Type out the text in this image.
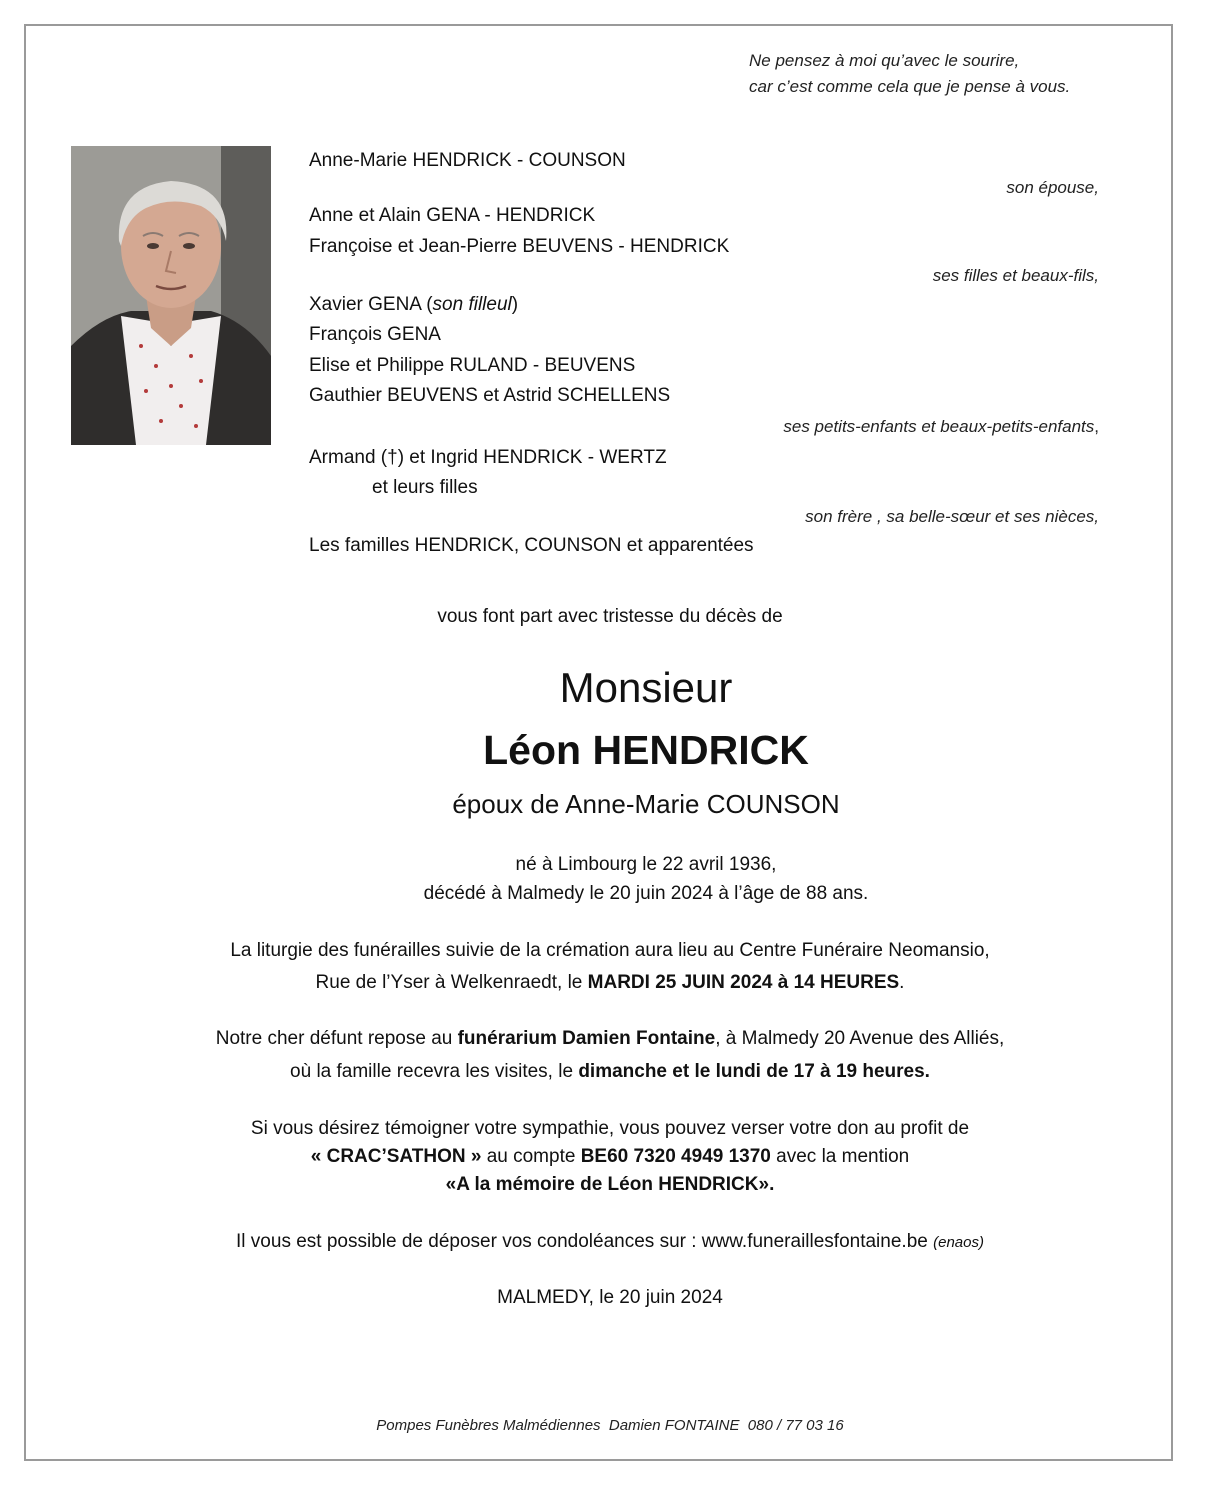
Ne pensez à moi qu’avec le sourire,
car c’est comme cela que je pense à vous.
Anne-Marie HENDRICK - COUNSON
son épouse,
Anne et Alain GENA - HENDRICK
Françoise et Jean-Pierre BEUVENS - HENDRICK
ses filles et beaux-fils,
Xavier GENA (son filleul)
François GENA
Elise et Philippe RULAND - BEUVENS
Gauthier BEUVENS et Astrid SCHELLENS
ses petits-enfants et beaux-petits-enfants,
Armand (†) et Ingrid HENDRICK - WERTZ
et leurs filles
son frère , sa belle-sœur et ses nièces,
Les familles HENDRICK, COUNSON et apparentées
vous font part avec tristesse du décès de
Monsieur
Léon HENDRICK
époux de Anne-Marie COUNSON
né à Limbourg le 22 avril 1936,
décédé à Malmedy le 20 juin 2024 à l’âge de 88 ans.
La liturgie des funérailles suivie de la crémation aura lieu au Centre Funéraire Neomansio,
Rue de l’Yser à Welkenraedt, le MARDI 25 JUIN 2024 à 14 HEURES.
Notre cher défunt repose au funérarium Damien Fontaine, à Malmedy 20 Avenue des Alliés,
où la famille recevra les visites, le dimanche et le lundi de 17 à 19 heures.
Si vous désirez témoigner votre sympathie, vous pouvez verser votre don au profit de
« CRAC’SATHON » au compte BE60 7320 4949 1370 avec la mention
«A la mémoire de Léon HENDRICK».
Il vous est possible de déposer vos condoléances sur : www.funeraillesfontaine.be (enaos)
MALMEDY, le 20 juin 2024
Pompes Funèbres Malmédiennes  Damien FONTAINE  080 / 77 03 16
